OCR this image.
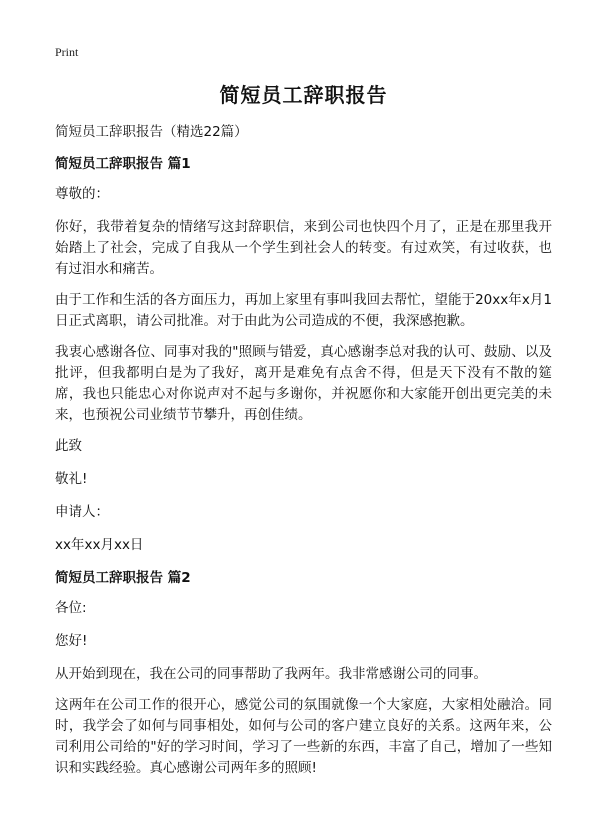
Print
简短员工辞职报告
简短员工辞职报告（精选22篇）
简短员工辞职报告 篇1
尊敬的：
你好，我带着复杂的情绪写这封辞职信，来到公司也快四个月了，正是在那里我开始踏上了社会，完成了自我从一个学生到社会人的转变。有过欢笑，有过收获，也有过泪水和痛苦。
由于工作和生活的各方面压力，再加上家里有事叫我回去帮忙，望能于20xx年x月1日正式离职，请公司批准。对于由此为公司造成的不便，我深感抱歉。
我衷心感谢各位、同事对我的"照顾与错爱，真心感谢李总对我的认可、鼓励、以及批评，但我都明白是为了我好，离开是难免有点舍不得，但是天下没有不散的筵席，我也只能忠心对你说声对不起与多谢你，并祝愿你和大家能开创出更完美的未来，也预祝公司业绩节节攀升，再创佳绩。
此致
敬礼!
申请人：
xx年xx月xx日
简短员工辞职报告 篇2
各位:
您好!
从开始到现在，我在公司的同事帮助了我两年。我非常感谢公司的同事。
这两年在公司工作的很开心，感觉公司的氛围就像一个大家庭，大家相处融洽。同时，我学会了如何与同事相处，如何与公司的客户建立良好的关系。这两年来，公司利用公司给的"好的学习时间，学习了一些新的东西，丰富了自己，增加了一些知识和实践经验。真心感谢公司两年多的照顾!
